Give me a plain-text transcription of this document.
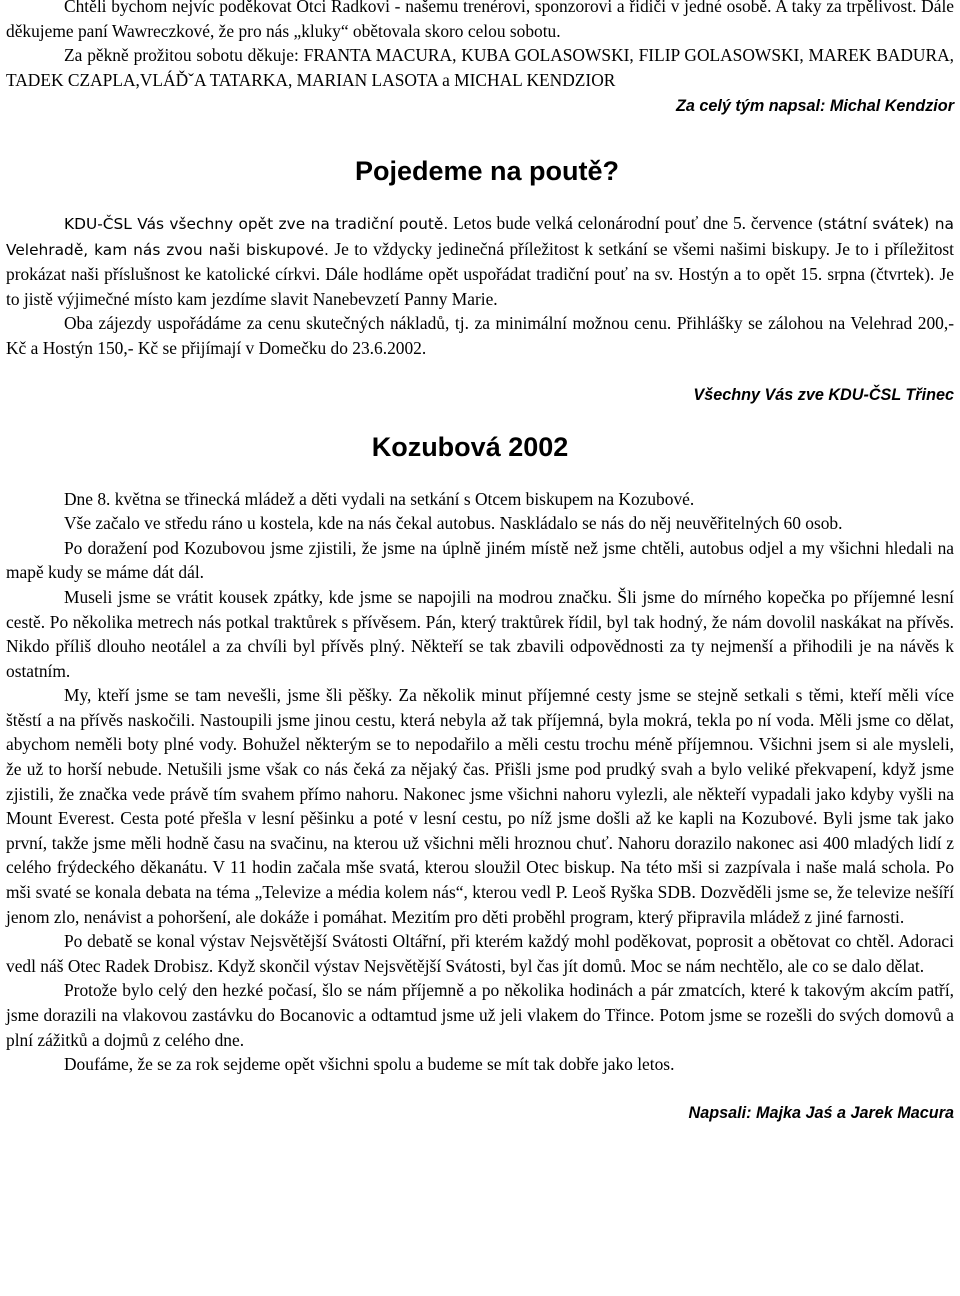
Chtěli bychom nejvíc poděkovat Otci Radkovi - našemu trenérovi, sponzorovi a řidiči v jedné osobě. A taky za trpělivost. Dále děkujeme paní Wawreczkové, že pro nás „kluky“ obětovala skoro celou sobotu.

Za pěkně prožitou sobotu děkuje: FRANTA MACURA, KUBA GOLASOWSKI, FILIP GOLASOWSKI, MAREK BADURA, TADEK CZAPLA,VLÁĎˇA TATARKA, MARIAN LASOTA a MICHAL KENDZIOR

Za celý tým napsal: Michal Kendzior

Pojedeme na poutě?

KDU-ČSL Vás všechny opět zve na tradiční poutě. Letos bude velká celonárodní pouť dne 5. července (státní svátek) na Velehradě, kam nás zvou naši biskupové. Je to vždycky jedinečná příležitost k setkání se všemi našimi biskupy. Je to i příležitost prokázat naši příslušnost ke katolické církvi. Dále hodláme opět uspořádat tradiční pouť na sv. Hostýn a to opět 15. srpna (čtvrtek). Je to jistě výjimečné místo kam jezdíme slavit Nanebevzetí Panny Marie.

Oba zájezdy uspořádáme za cenu skutečných nákladů, tj. za minimální možnou cenu. Přihlášky se zálohou na Velehrad 200,- Kč a Hostýn 150,- Kč se přijímají v Domečku do 23.6.2002.

Všechny Vás zve KDU-ČSL Třinec

Kozubová 2002

Dne 8. května se třinecká mládež a děti vydali na setkání s Otcem biskupem na Kozubové.

Vše začalo ve středu ráno u kostela, kde na nás čekal autobus. Naskládalo se nás do něj neuvěřitelných 60 osob.

Po doražení pod Kozubovou jsme zjistili, že jsme na úplně jiném místě než jsme chtěli, autobus odjel a my všichni hledali na mapě kudy se máme dát dál.

Museli jsme se vrátit kousek zpátky, kde jsme se napojili na modrou značku. Šli jsme do mírného kopečka po příjemné lesní cestě. Po několika metrech nás potkal traktůrek s přívěsem. Pán, který traktůrek řídil, byl tak hodný, že nám dovolil naskákat na přívěs. Nikdo příliš dlouho neotálel a za chvíli byl přívěs plný. Někteří se tak zbavili odpovědnosti za ty nejmenší a přihodili je na návěs k ostatním.

My, kteří jsme se tam nevešli, jsme šli pěšky. Za několik minut příjemné cesty jsme se stejně setkali s těmi, kteří měli více štěstí a na přívěs naskočili. Nastoupili jsme jinou cestu, která nebyla až tak příjemná, byla mokrá, tekla po ní voda. Měli jsme co dělat, abychom neměli boty plné vody. Bohužel některým se to nepodařilo a měli cestu trochu méně příjemnou. Všichni jsem si ale mysleli, že už to horší nebude. Netušili jsme však co nás čeká za nějaký čas. Přišli jsme pod prudký svah a bylo veliké překvapení, když jsme zjistili, že značka vede právě tím svahem přímo nahoru. Nakonec jsme všichni nahoru vylezli, ale někteří vypadali jako kdyby vyšli na Mount Everest. Cesta poté přešla v lesní pěšinku a poté v lesní cestu, po níž jsme došli až ke kapli na Kozubové. Byli jsme tak jako první, takže jsme měli hodně času na svačinu, na kterou už všichni měli hroznou chuť. Nahoru dorazilo nakonec asi 400 mladých lidí z celého frýdeckého děkanátu. V 11 hodin začala mše svatá, kterou sloužil Otec biskup. Na této mši si zazpívala i naše malá schola. Po mši svaté se konala debata na téma „Televize a média kolem nás“, kterou vedl P. Leoš Ryška SDB. Dozvěděli jsme se, že televize nešíří jenom zlo, nenávist a pohoršení, ale dokáže i pomáhat. Mezitím pro děti proběhl program, který připravila mládež z jiné farnosti.

Po debatě se konal výstav Nejsvětější Svátosti Oltářní, při kterém každý mohl poděkovat, poprosit a obětovat co chtěl. Adoraci vedl náš Otec Radek Drobisz. Když skončil výstav Nejsvětější Svátosti, byl čas jít domů. Moc se nám nechtělo, ale co se dalo dělat.

Protože bylo celý den hezké počasí, šlo se nám příjemně a po několika hodinách a pár zmatcích, které k takovým akcím patří, jsme dorazili na vlakovou zastávku do Bocanovic a odtamtud jsme už jeli vlakem do Třince. Potom jsme se rozešli do svých domovů a plní zážitků a dojmů z celého dne.

Doufáme, že se za rok sejdeme opět všichni spolu a budeme se mít tak dobře jako letos.

Napsali: Majka Jaś a Jarek Macura
